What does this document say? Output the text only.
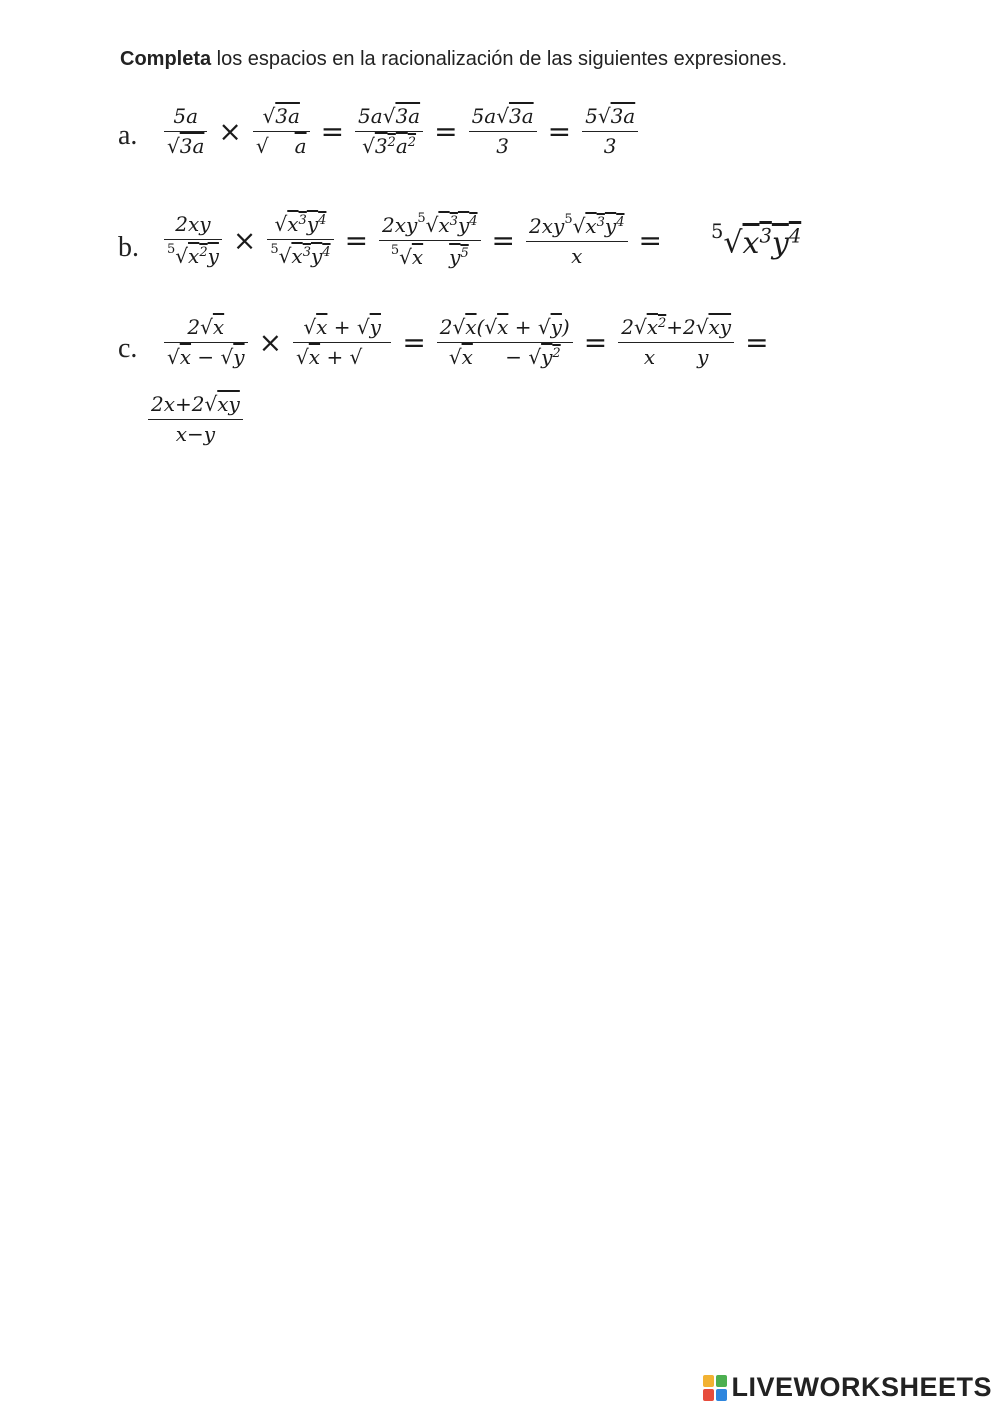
Completa los espacios en la racionalización de las siguientes expresiones.
a. $\frac{5a}{√3a} \times \frac{√3a}{√ a} = \frac{5a√3a}{√3^2a^2} = \frac{5a√3a}{3} = \frac{5√3a}{3}$
b. $\frac{2xy}{^5√x^2y} \times \frac{√x^3y^4}{^5√x^3y^4} = \frac{2xy^5√x^3y^4}{^5√x y^5} = \frac{2xy^5√x^3y^4}{x}$ =	$^5√x^3y^4$
c. $\frac{2√x}{√x - √y} \times \frac{√x + √y}{√x + √} = \frac{2√x(√x + √y)}{√x - √y^2} = \frac{2√x^2+2√xy}{\text{x y}}$ =
$\frac{2x+2√xy}{x-y}$
LIVEWORKSHEETS
